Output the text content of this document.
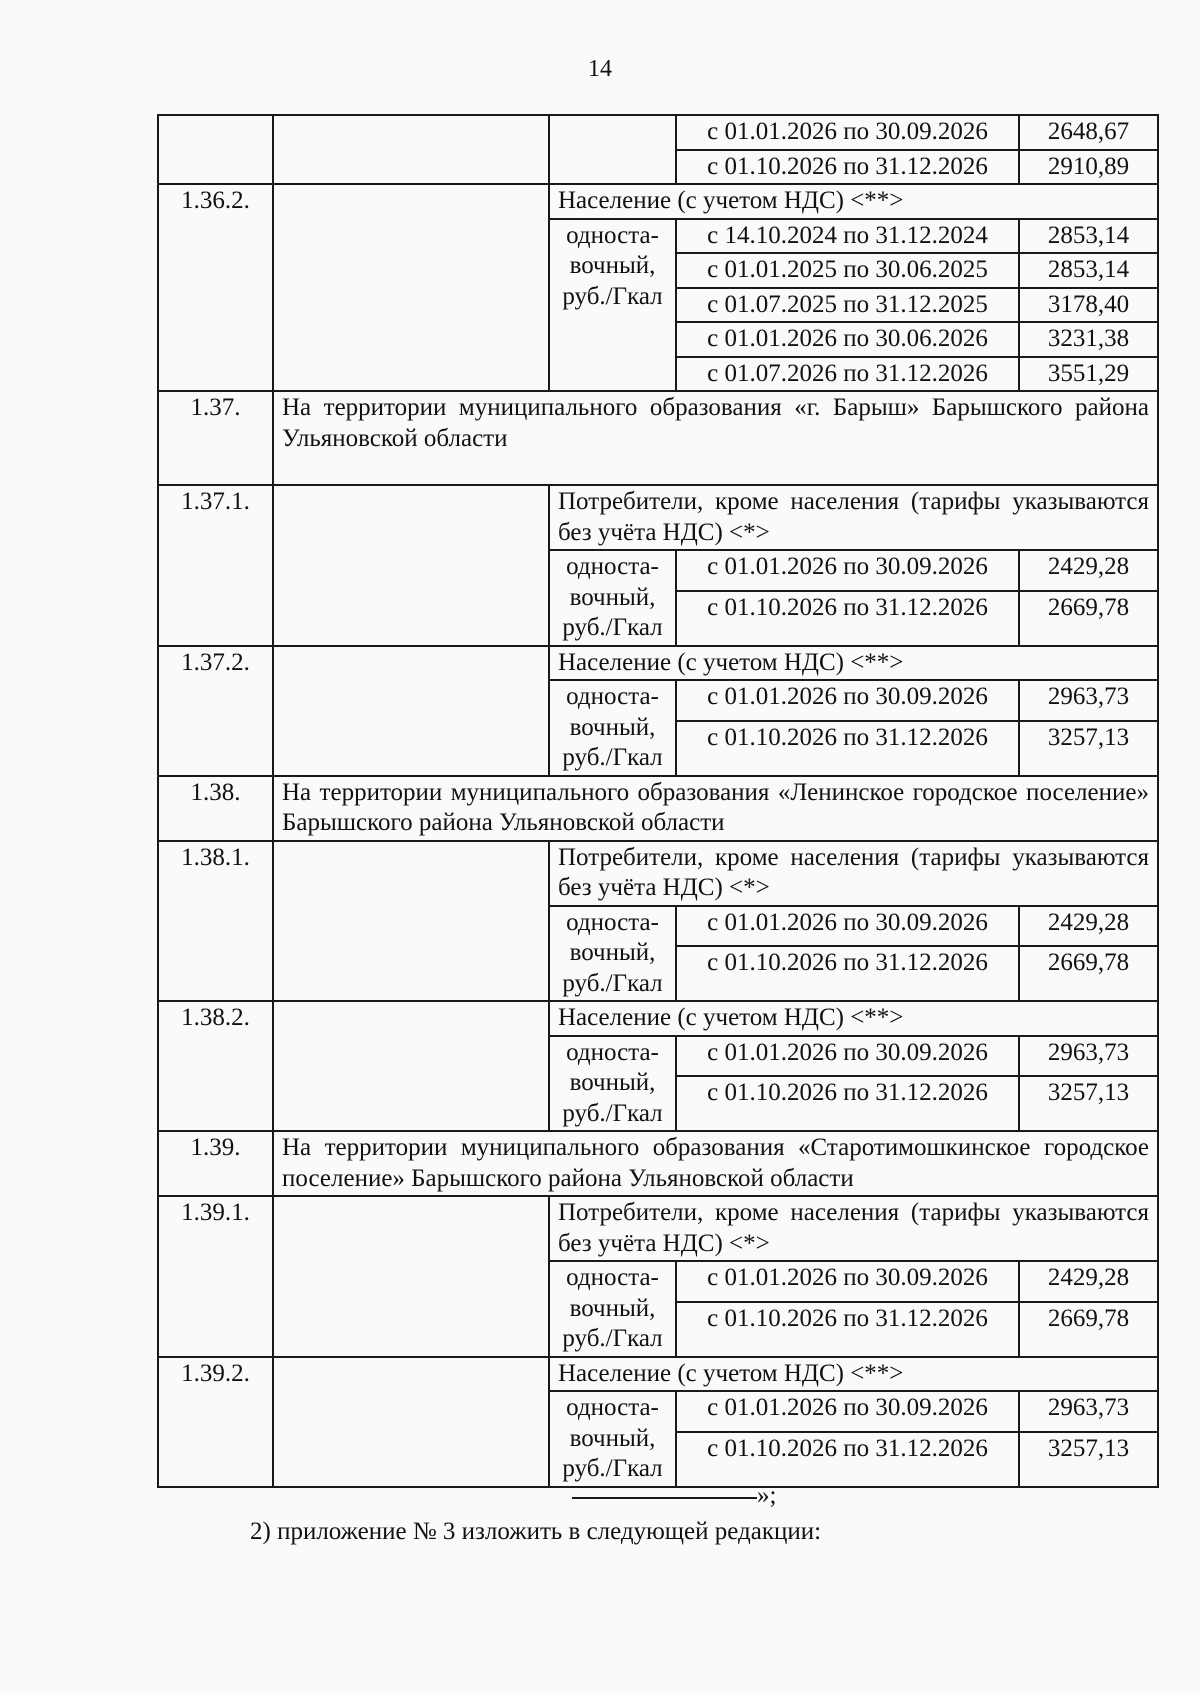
14
			с 01.01.2026 по 30.09.2026	2648,67
			с 01.10.2026 по 31.12.2026	2910,89
1.36.2.		Население (с учетом НДС) <**>		
		односта-вочный, руб./Гкал	с 14.10.2024 по 31.12.2024	2853,14
			с 01.01.2025 по 30.06.2025	2853,14
			с 01.07.2025 по 31.12.2025	3178,40
			с 01.01.2026 по 30.06.2026	3231,38
			с 01.07.2026 по 31.12.2026	3551,29
1.37.	На территории муниципального образования «г. Барыш» Барышского района Ульяновской области			
1.37.1.		Потребители, кроме населения (тарифы указываются без учёта НДС) <*>		
		односта-вочный, руб./Гкал	с 01.01.2026 по 30.09.2026	2429,28
			с 01.10.2026 по 31.12.2026	2669,78
1.37.2.		Население (с учетом НДС) <**>		
		односта-вочный, руб./Гкал	с 01.01.2026 по 30.09.2026	2963,73
			с 01.10.2026 по 31.12.2026	3257,13
1.38.	На территории муниципального образования «Ленинское городское поселение» Барышского района Ульяновской области			
1.38.1.		Потребители, кроме населения (тарифы указываются без учёта НДС) <*>		
		односта-вочный, руб./Гкал	с 01.01.2026 по 30.09.2026	2429,28
			с 01.10.2026 по 31.12.2026	2669,78
1.38.2.		Население (с учетом НДС) <**>		
		односта-вочный, руб./Гкал	с 01.01.2026 по 30.09.2026	2963,73
			с 01.10.2026 по 31.12.2026	3257,13
1.39.	На территории муниципального образования «Старотимошкинское городское поселение» Барышского района Ульяновской области			
1.39.1.		Потребители, кроме населения (тарифы указываются без учёта НДС) <*>		
		односта-вочный, руб./Гкал	с 01.01.2026 по 30.09.2026	2429,28
			с 01.10.2026 по 31.12.2026	2669,78
1.39.2.		Население (с учетом НДС) <**>		
		односта-вочный, руб./Гкал	с 01.01.2026 по 30.09.2026	2963,73
			с 01.10.2026 по 31.12.2026	3257,13
»;
2) приложение № 3 изложить в следующей редакции:
